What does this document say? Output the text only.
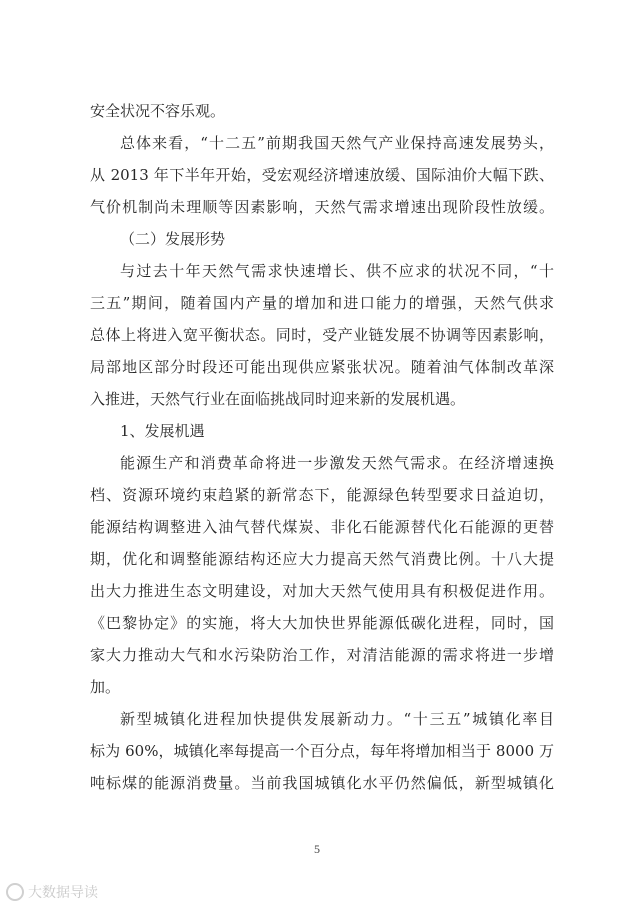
安全状况不容乐观。
总体来看，“十二五”前期我国天然气产业保持高速发展势头，
从 2013 年下半年开始，受宏观经济增速放缓、国际油价大幅下跌、
气价机制尚未理顺等因素影响，天然气需求增速出现阶段性放缓。
（二）发展形势
与过去十年天然气需求快速增长、供不应求的状况不同，“十
三五”期间，随着国内产量的增加和进口能力的增强，天然气供求
总体上将进入宽平衡状态。同时，受产业链发展不协调等因素影响，
局部地区部分时段还可能出现供应紧张状况。随着油气体制改革深
入推进，天然气行业在面临挑战同时迎来新的发展机遇。
1、发展机遇
能源生产和消费革命将进一步激发天然气需求。在经济增速换
档、资源环境约束趋紧的新常态下，能源绿色转型要求日益迫切，
能源结构调整进入油气替代煤炭、非化石能源替代化石能源的更替
期，优化和调整能源结构还应大力提高天然气消费比例。十八大提
出大力推进生态文明建设，对加大天然气使用具有积极促进作用。
《巴黎协定》的实施，将大大加快世界能源低碳化进程，同时，国
家大力推动大气和水污染防治工作，对清洁能源的需求将进一步增
加。
新型城镇化进程加快提供发展新动力。“十三五”城镇化率目
标为 60%，城镇化率每提高一个百分点，每年将增加相当于 8000 万
吨标煤的能源消费量。当前我国城镇化水平仍然偏低，新型城镇化
5
大数据导读
